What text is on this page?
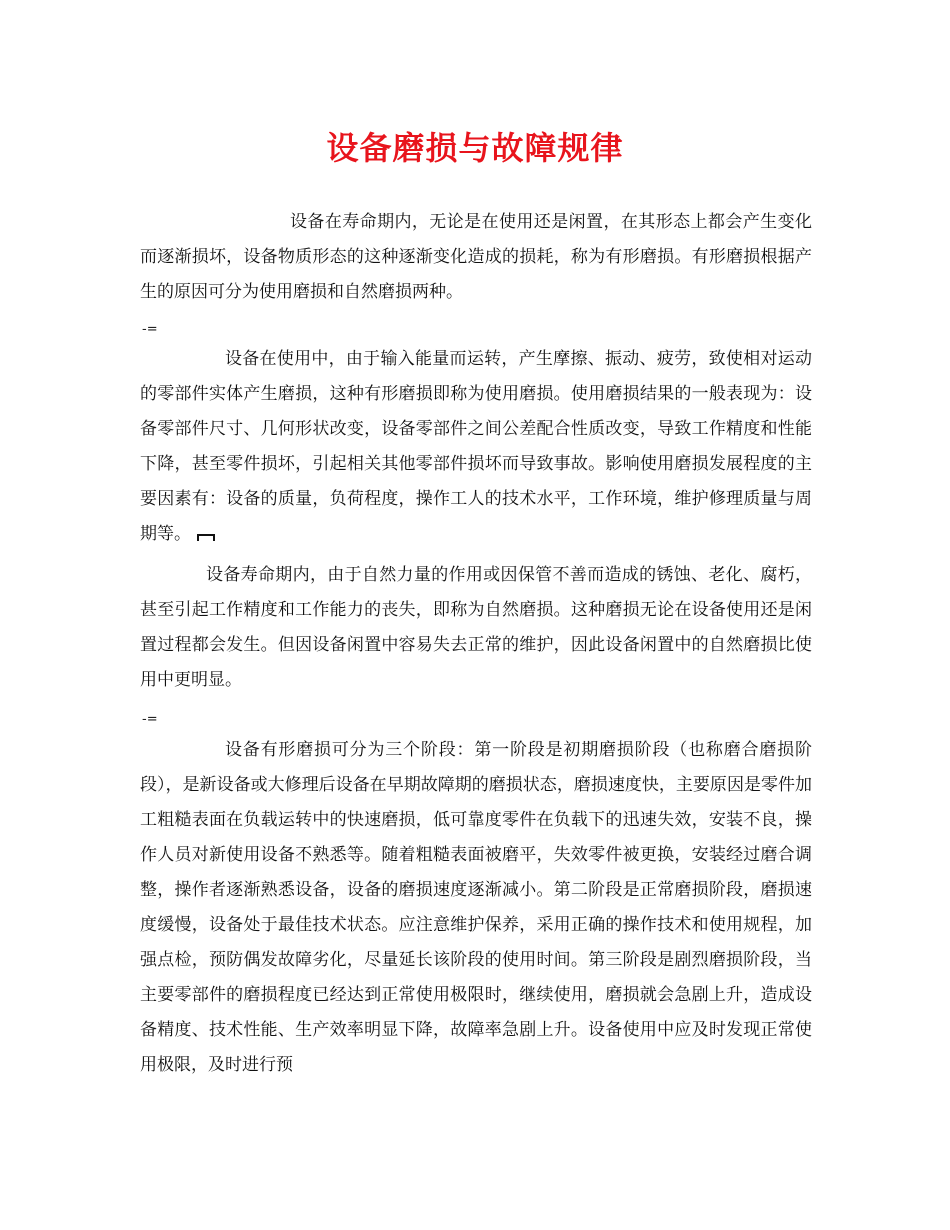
设备磨损与故障规律

设备在寿命期内，无论是在使用还是闲置，在其形态上都会产生变化而逐渐损坏，设备物质形态的这种逐渐变化造成的损耗，称为有形磨损。有形磨损根据产生的原因可分为使用磨损和自然磨损两种。

-=

设备在使用中，由于输入能量而运转，产生摩擦、振动、疲劳，致使相对运动的零部件实体产生磨损，这种有形磨损即称为使用磨损。使用磨损结果的一般表现为：设备零部件尺寸、几何形状改变，设备零部件之间公差配合性质改变，导致工作精度和性能下降，甚至零件损坏，引起相关其他零部件损坏而导致事故。影响使用磨损发展程度的主要因素有：设备的质量，负荷程度，操作工人的技术水平，工作环境，维护修理质量与周期等。

设备寿命期内，由于自然力量的作用或因保管不善而造成的锈蚀、老化、腐朽，甚至引起工作精度和工作能力的丧失，即称为自然磨损。这种磨损无论在设备使用还是闲置过程都会发生。但因设备闲置中容易失去正常的维护，因此设备闲置中的自然磨损比使用中更明显。

-=

设备有形磨损可分为三个阶段：第一阶段是初期磨损阶段（也称磨合磨损阶段），是新设备或大修理后设备在早期故障期的磨损状态，磨损速度快，主要原因是零件加工粗糙表面在负载运转中的快速磨损，低可靠度零件在负载下的迅速失效，安装不良，操作人员对新使用设备不熟悉等。随着粗糙表面被磨平，失效零件被更换，安装经过磨合调整，操作者逐渐熟悉设备，设备的磨损速度逐渐减小。第二阶段是正常磨损阶段，磨损速度缓慢，设备处于最佳技术状态。应注意维护保养，采用正确的操作技术和使用规程，加强点检，预防偶发故障劣化，尽量延长该阶段的使用时间。第三阶段是剧烈磨损阶段，当主要零部件的磨损程度已经达到正常使用极限时，继续使用，磨损就会急剧上升，造成设备精度、技术性能、生产效率明显下降，故障率急剧上升。设备使用中应及时发现正常使用极限，及时进行预
